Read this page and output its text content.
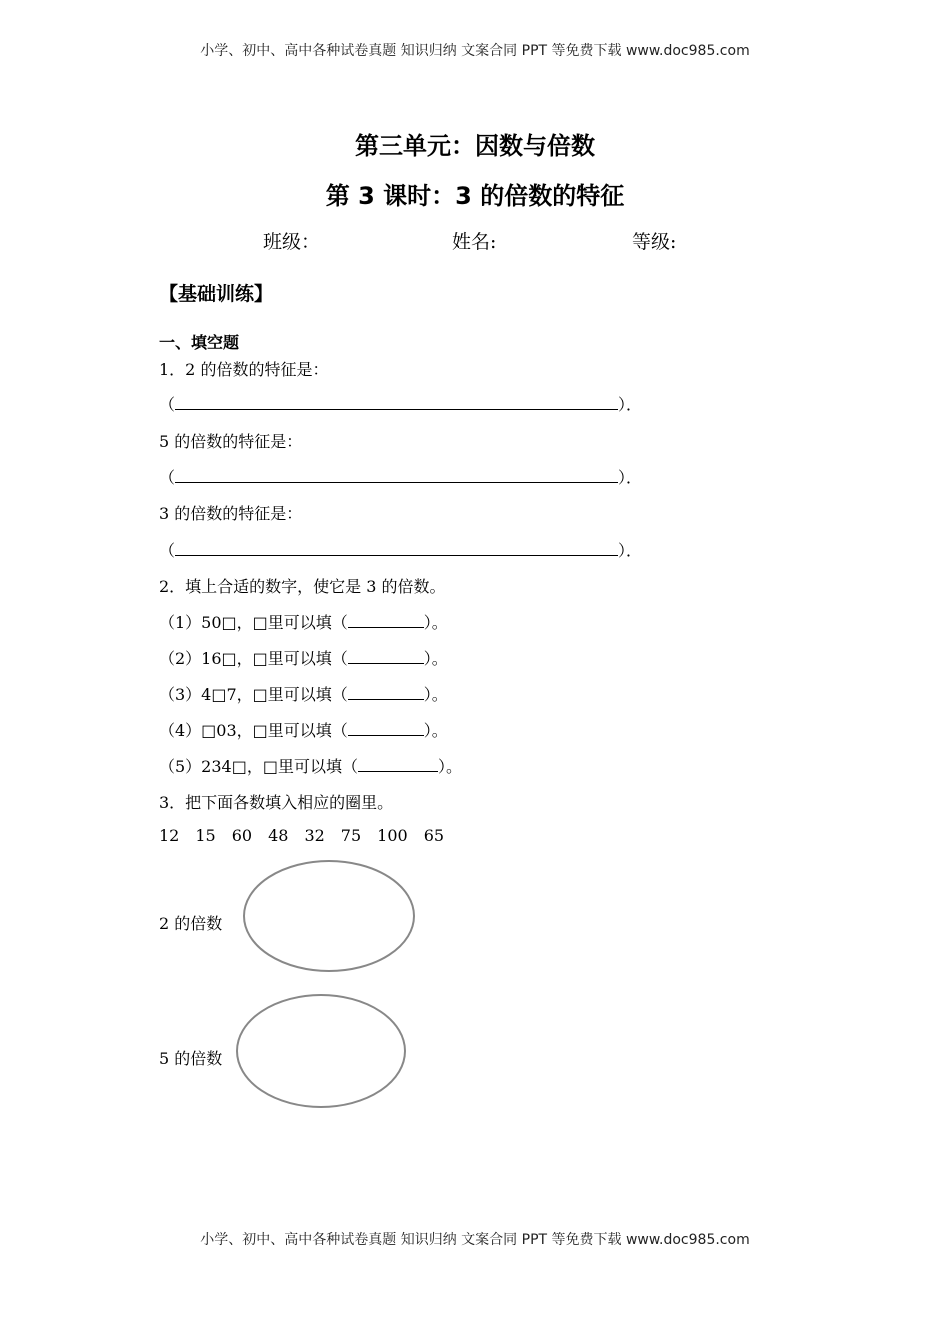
小学、初中、高中各种试卷真题 知识归纳 文案合同 PPT 等免费下载 www.doc985.com
第三单元：因数与倍数
第 3 课时：3 的倍数的特征
班级：	姓名:	等级:
【基础训练】
一、填空题
1．2 的倍数的特征是：
（	）．
5 的倍数的特征是：
（	）．
3 的倍数的特征是：
（	）．
2．填上合适的数字，使它是 3 的倍数。
（1）50□，□里可以填（	）。
（2）16□，□里可以填（	）。
（3）4□7，□里可以填（	）。
（4）□03，□里可以填（	）。
（5）234□，□里可以填（	）。
3．把下面各数填入相应的圈里。
12 15 60 48 32 75 100 65
2 的倍数
5 的倍数
小学、初中、高中各种试卷真题 知识归纳 文案合同 PPT 等免费下载 www.doc985.com
